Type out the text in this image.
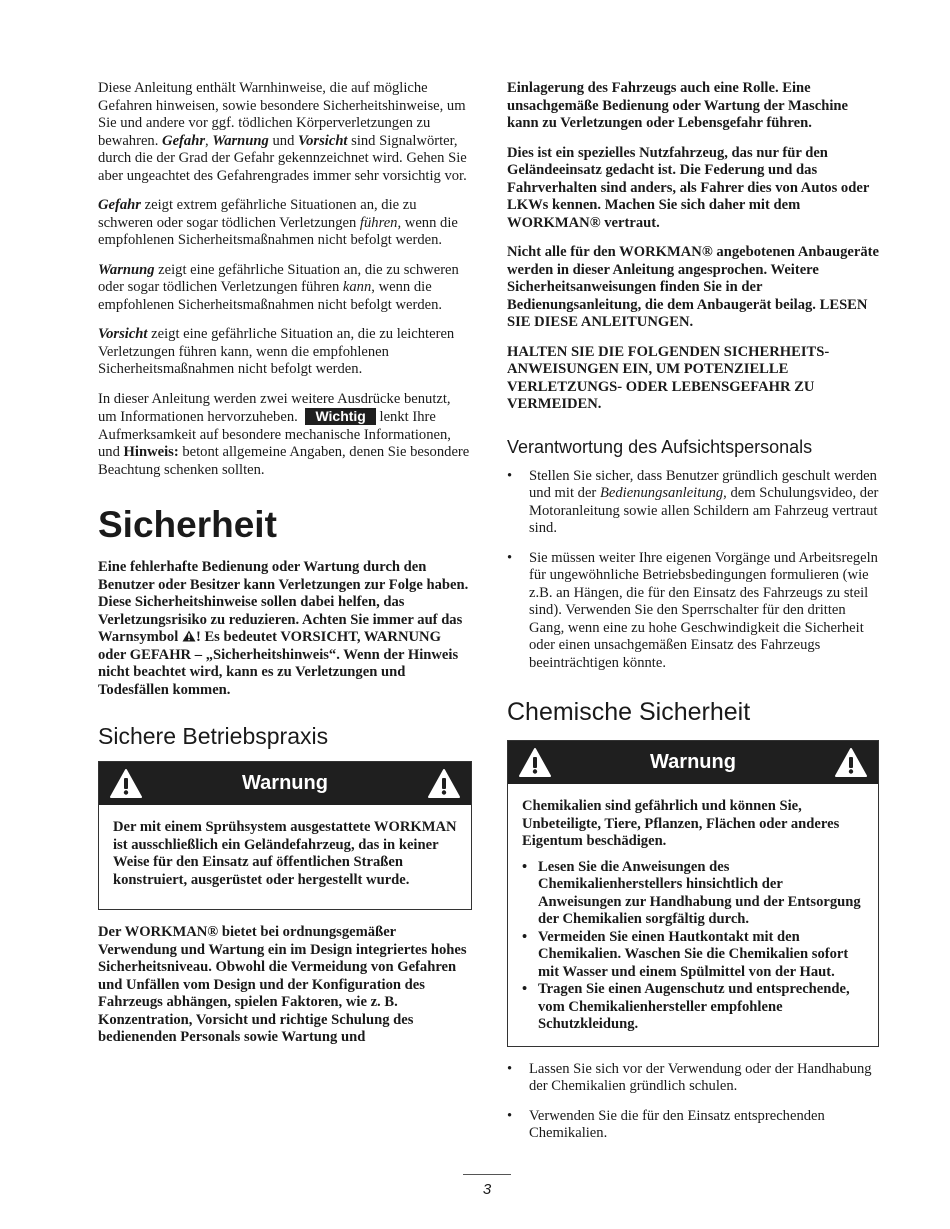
Diese Anleitung enthält Warnhinweise, die auf mögliche Gefahren hinweisen, sowie besondere Sicherheitshinweise, um Sie und andere vor ggf. tödlichen Körperverletzungen zu bewahren. Gefahr, Warnung und Vorsicht sind Signalwörter, durch die der Grad der Gefahr gekennzeichnet wird. Gehen Sie aber ungeachtet des Gefahrengrades immer sehr vorsichtig vor.

Gefahr zeigt extrem gefährliche Situationen an, die zu schweren oder sogar tödlichen Verletzungen führen, wenn die empfohlenen Sicherheitsmaßnahmen nicht befolgt werden.

Warnung zeigt eine gefährliche Situation an, die zu schweren oder sogar tödlichen Verletzungen führen kann, wenn die empfohlenen Sicherheitsmaßnahmen nicht befolgt werden.

Vorsicht zeigt eine gefährliche Situation an, die zu leichteren Verletzungen führen kann, wenn die empfohlenen Sicherheitsmaßnahmen nicht befolgt werden.

In dieser Anleitung werden zwei weitere Ausdrücke benutzt, um Informationen hervorzuheben. Wichtig lenkt Ihre Aufmerksamkeit auf besondere mechanische Informationen, und Hinweis: betont allgemeine Angaben, denen Sie besondere Beachtung schenken sollten.

Sicherheit

Eine fehlerhafte Bedienung oder Wartung durch den Benutzer oder Besitzer kann Verletzungen zur Folge haben. Diese Sicherheitshinweise sollen dabei helfen, das Verletzungsrisiko zu reduzieren. Achten Sie immer auf das Warnsymbol ! Es bedeutet VORSICHT, WARNUNG oder GEFAHR – „Sicherheitshinweis“. Wenn der Hinweis nicht beachtet wird, kann es zu Verletzungen und Todesfällen kommen.

Sichere Betriebspraxis
Warnung

Der mit einem Sprühsystem ausgestattete WORKMAN ist ausschließlich ein Geländefahrzeug, das in keiner Weise für den Einsatz auf öffentlichen Straßen konstruiert, ausgerüstet oder hergestellt wurde.

Der WORKMAN® bietet bei ordnungsgemäßer Verwendung und Wartung ein im Design integriertes hohes Sicherheitsniveau. Obwohl die Vermeidung von Gefahren und Unfällen vom Design und der Konfiguration des Fahrzeugs abhängen, spielen Faktoren, wie z. B. Konzentration, Vorsicht und richtige Schulung des bedienenden Personals sowie Wartung und

Einlagerung des Fahrzeugs auch eine Rolle. Eine unsachgemäße Bedienung oder Wartung der Maschine kann zu Verletzungen oder Lebensgefahr führen.

Dies ist ein spezielles Nutzfahrzeug, das nur für den Geländeeinsatz gedacht ist. Die Federung und das Fahrverhalten sind anders, als Fahrer dies von Autos oder LKWs kennen. Machen Sie sich daher mit dem WORKMAN® vertraut.

Nicht alle für den WORKMAN® angebotenen Anbaugeräte werden in dieser Anleitung angesprochen. Weitere Sicherheitsanweisungen finden Sie in der Bedienungsanleitung, die dem Anbaugerät beilag. LESEN SIE DIESE ANLEITUNGEN.

HALTEN SIE DIE FOLGENDEN SICHERHEITS-ANWEISUNGEN EIN, UM POTENZIELLE VERLETZUNGS- ODER LEBENSGEFAHR ZU VERMEIDEN.

Verantwortung des Aufsichtspersonals
• Stellen Sie sicher, dass Benutzer gründlich geschult werden und mit der Bedienungsanleitung, dem Schulungsvideo, der Motoranleitung sowie allen Schildern am Fahrzeug vertraut sind.
• Sie müssen weiter Ihre eigenen Vorgänge und Arbeitsregeln für ungewöhnliche Betriebsbedingungen formulieren (wie z.B. an Hängen, die für den Einsatz des Fahrzeugs zu steil sind). Verwenden Sie den Sperrschalter für den dritten Gang, wenn eine zu hohe Geschwindigkeit die Sicherheit oder einen unsachgemäßen Einsatz des Fahrzeugs beeinträchtigen könnte.
Chemische Sicherheit
Warnung

Chemikalien sind gefährlich und können Sie, Unbeteiligte, Tiere, Pflanzen, Flächen oder anderes Eigentum beschädigen.

• Lesen Sie die Anweisungen des Chemikalienherstellers hinsichtlich der Anweisungen zur Handhabung und der Entsorgung der Chemikalien sorgfältig durch.
• Vermeiden Sie einen Hautkontakt mit den Chemikalien. Waschen Sie die Chemikalien sofort mit Wasser und einem Spülmittel von der Haut.
• Tragen Sie einen Augenschutz und entsprechende, vom Chemikalienhersteller empfohlene Schutzkleidung.
• Lassen Sie sich vor der Verwendung oder der Handhabung der Chemikalien gründlich schulen.
• Verwenden Sie die für den Einsatz entsprechenden Chemikalien.
3
